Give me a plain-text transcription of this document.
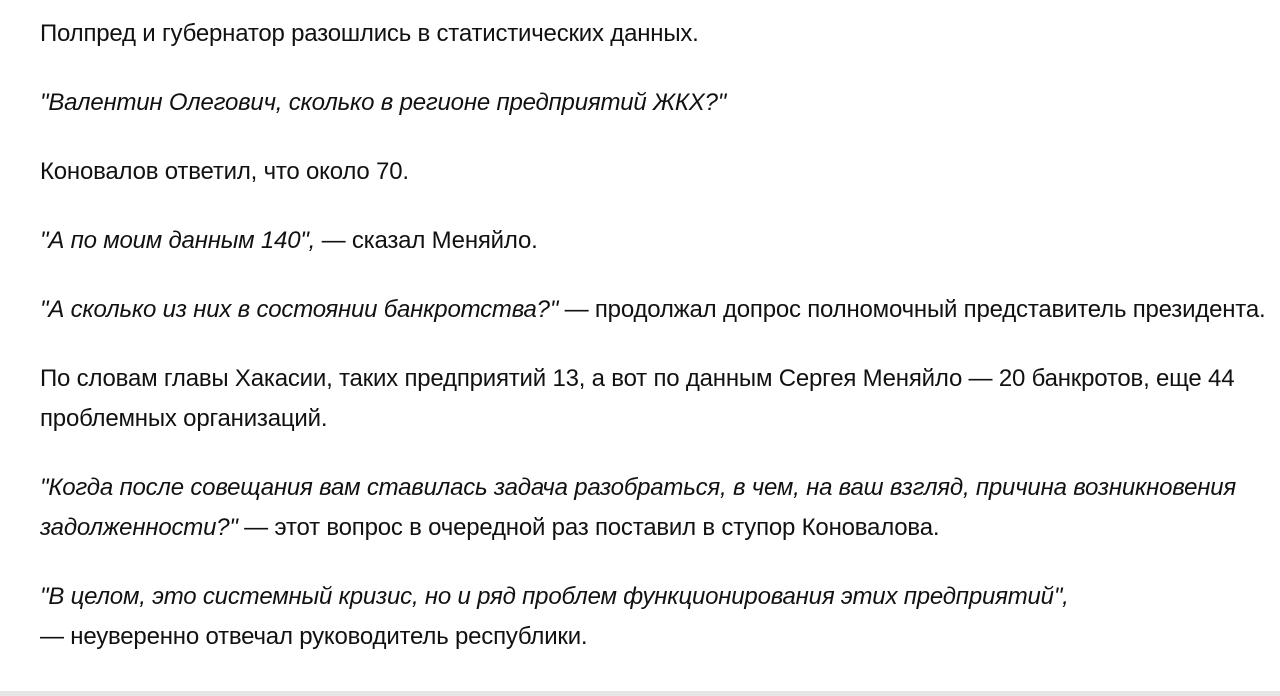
Полпред и губернатор разошлись в статистических данных.

"Валентин Олегович, сколько в регионе предприятий ЖКХ?"

Коновалов ответил, что около 70.

"А по моим данным 140", — сказал Меняйло.

"А сколько из них в состоянии банкротства?" — продолжал допрос полномочный представитель президента.

По словам главы Хакасии, таких предприятий 13, а вот по данным Сергея Меняйло — 20 банкротов, еще 44 проблемных организаций.

"Когда после совещания вам ставилась задача разобраться, в чем, на ваш взгляд, причина возникновения задолженности?" — этот вопрос в очередной раз поставил в ступор Коновалова.

"В целом, это системный кризис, но и ряд проблем функционирования этих предприятий",
— неуверенно отвечал руководитель республики.
